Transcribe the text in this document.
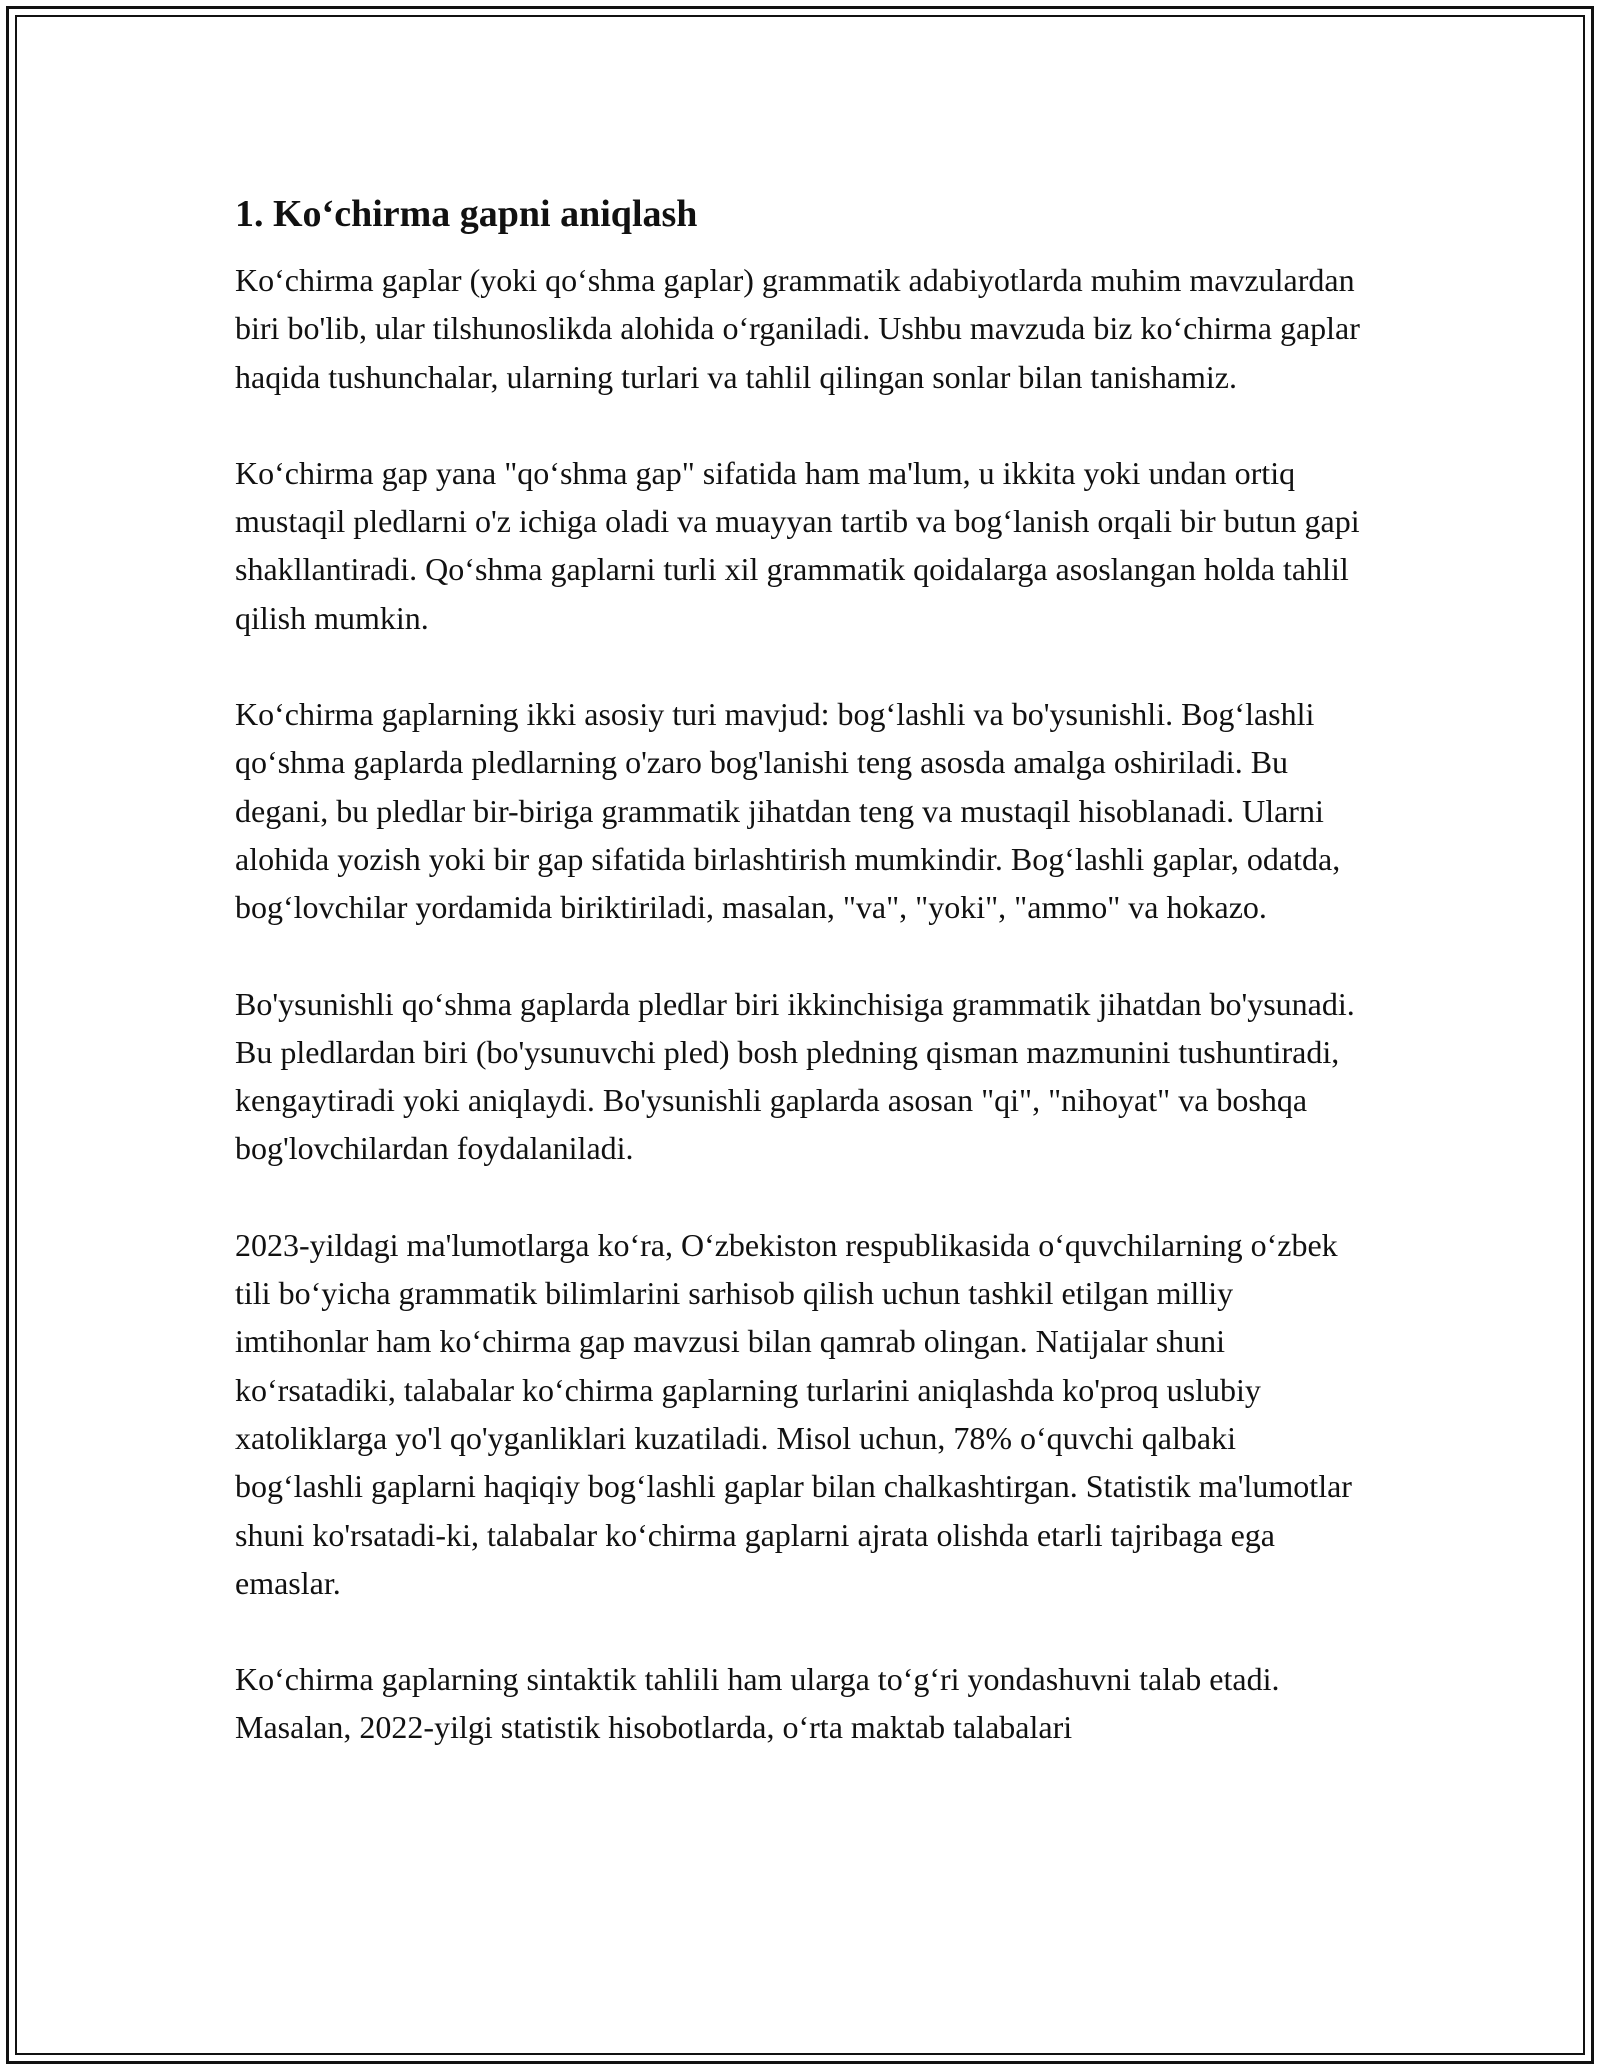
1. Ko‘chirma gapni aniqlash

Ko‘chirma gaplar (yoki qo‘shma gaplar) grammatik adabiyotlarda muhim mavzulardan biri bo'lib, ular tilshunoslikda alohida o‘rganiladi. Ushbu mavzuda biz ko‘chirma gaplar haqida tushunchalar, ularning turlari va tahlil qilingan sonlar bilan tanishamiz.

Ko‘chirma gap yana "qo‘shma gap" sifatida ham ma'lum, u ikkita yoki undan ortiq mustaqil pledlarni o'z ichiga oladi va muayyan tartib va bog‘lanish orqali bir butun gapi shakllantiradi. Qo‘shma gaplarni turli xil grammatik qoidalarga asoslangan holda tahlil qilish mumkin.

Ko‘chirma gaplarning ikki asosiy turi mavjud: bog‘lashli va bo'ysunishli. Bog‘lashli qo‘shma gaplarda pledlarning o'zaro bog'lanishi teng asosda amalga oshiriladi. Bu degani, bu pledlar bir-biriga grammatik jihatdan teng va mustaqil hisoblanadi. Ularni alohida yozish yoki bir gap sifatida birlashtirish mumkindir. Bog‘lashli gaplar, odatda, bog‘lovchilar yordamida biriktiriladi, masalan, "va", "yoki", "ammo" va hokazo.

Bo'ysunishli qo‘shma gaplarda pledlar biri ikkinchisiga grammatik jihatdan bo'ysunadi. Bu pledlardan biri (bo'ysunuvchi pled) bosh pledning qisman mazmunini tushuntiradi, kengaytiradi yoki aniqlaydi. Bo'ysunishli gaplarda asosan "qi", "nihoyat" va boshqa bog'lovchilardan foydalaniladi.

2023-yildagi ma'lumotlarga ko‘ra, O‘zbekiston respublikasida o‘quvchilarning o‘zbek tili bo‘yicha grammatik bilimlarini sarhisob qilish uchun tashkil etilgan milliy imtihonlar ham ko‘chirma gap mavzusi bilan qamrab olingan. Natijalar shuni ko‘rsatadiki, talabalar ko‘chirma gaplarning turlarini aniqlashda ko'proq uslubiy xatoliklarga yo'l qo'yganliklari kuzatiladi. Misol uchun, 78% o‘quvchi qalbaki bog‘lashli gaplarni haqiqiy bog‘lashli gaplar bilan chalkashtirgan. Statistik ma'lumotlar shuni ko'rsatadi-ki, talabalar ko‘chirma gaplarni ajrata olishda etarli tajribaga ega emaslar.

Ko‘chirma gaplarning sintaktik tahlili ham ularga to‘g‘ri yondashuvni talab etadi. Masalan, 2022-yilgi statistik hisobotlarda, o‘rta maktab talabalari
